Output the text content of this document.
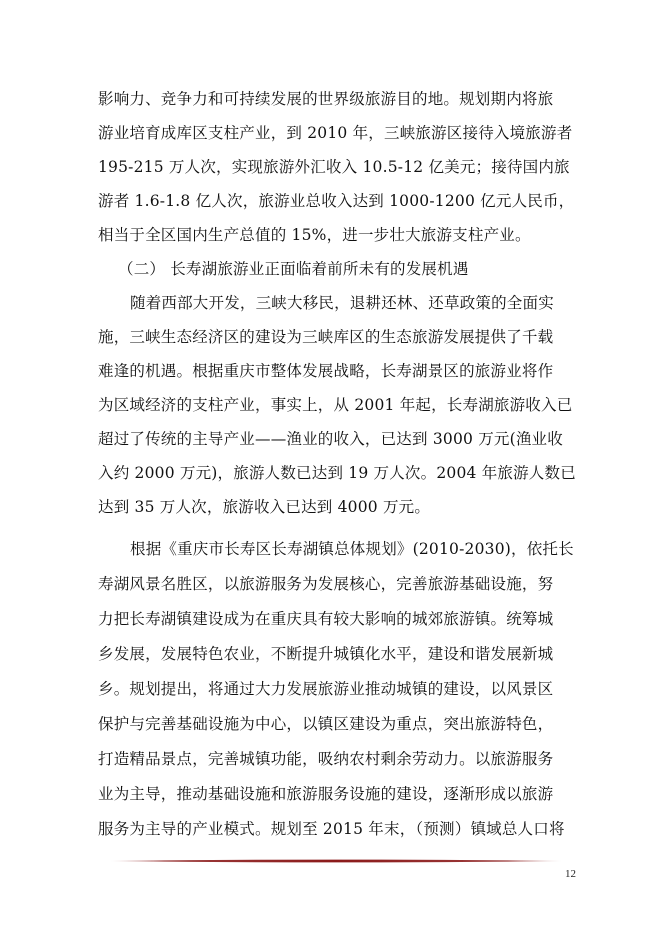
影响力、竞争力和可持续发展的世界级旅游目的地。规划期内将旅
游业培育成库区支柱产业，到 2010 年，三峡旅游区接待入境旅游者
195-215 万人次，实现旅游外汇收入 10.5-12 亿美元；接待国内旅
游者 1.6-1.8 亿人次，旅游业总收入达到 1000-1200 亿元人民币，
相当于全区国内生产总值的 15%，进一步壮大旅游支柱产业。
（二） 长寿湖旅游业正面临着前所未有的发展机遇
随着西部大开发，三峡大移民，退耕还林、还草政策的全面实
施，三峡生态经济区的建设为三峡库区的生态旅游发展提供了千载
难逢的机遇。根据重庆市整体发展战略，长寿湖景区的旅游业将作
为区域经济的支柱产业，事实上，从 2001 年起，长寿湖旅游收入已
超过了传统的主导产业——渔业的收入，已达到 3000 万元(渔业收
入约 2000 万元)，旅游人数已达到 19 万人次。2004 年旅游人数已
达到 35 万人次，旅游收入已达到 4000 万元。
根据《重庆市长寿区长寿湖镇总体规划》(2010-2030)，依托长
寿湖风景名胜区，以旅游服务为发展核心，完善旅游基础设施，努
力把长寿湖镇建设成为在重庆具有较大影响的城郊旅游镇。统筹城
乡发展，发展特色农业，不断提升城镇化水平，建设和谐发展新城
乡。规划提出，将通过大力发展旅游业推动城镇的建设，以风景区
保护与完善基础设施为中心，以镇区建设为重点，突出旅游特色，
打造精品景点，完善城镇功能，吸纳农村剩余劳动力。以旅游服务
业为主导，推动基础设施和旅游服务设施的建设，逐渐形成以旅游
服务为主导的产业模式。规划至 2015 年末，（预测）镇域总人口将
12
